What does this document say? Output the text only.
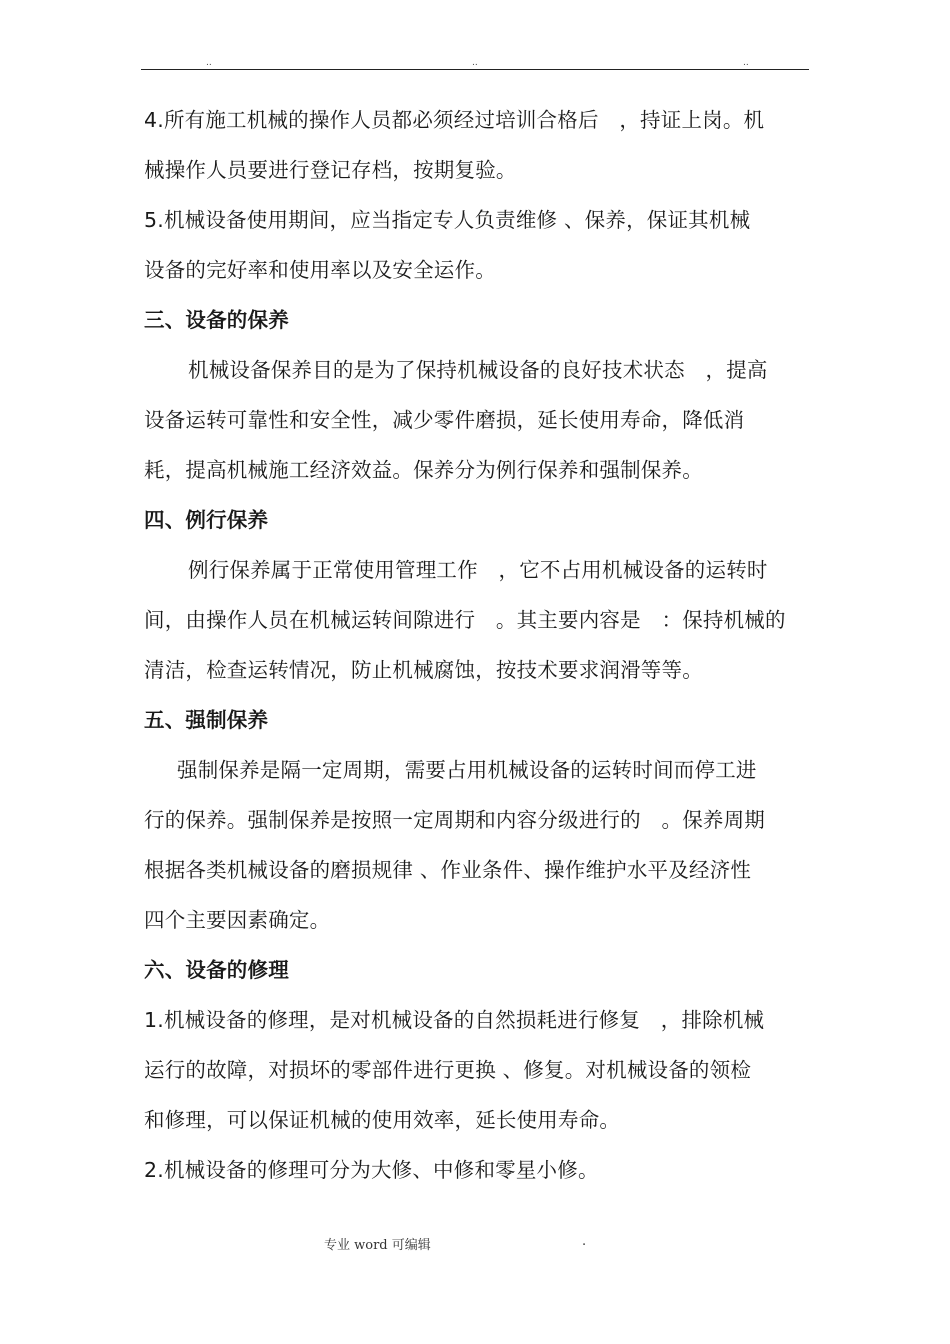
..	..	..
4.所有施工机械的操作人员都必须经过培训合格后　，持证上岗。机
械操作人员要进行登记存档，按期复验。
5.机械设备使用期间，应当指定专人负责维修 、保养，保证其机械
设备的完好率和使用率以及安全运作。
三、设备的保养
机械设备保养目的是为了保持机械设备的良好技术状态　，提高
设备运转可靠性和安全性，减少零件磨损，延长使用寿命，降低消
耗，提高机械施工经济效益。保养分为例行保养和强制保养。
四、例行保养
例行保养属于正常使用管理工作　，它不占用机械设备的运转时
间，由操作人员在机械运转间隙进行　。其主要内容是　：保持机械的
清洁，检查运转情况，防止机械腐蚀，按技术要求润滑等等。
五、强制保养
强制保养是隔一定周期，需要占用机械设备的运转时间而停工进
行的保养。强制保养是按照一定周期和内容分级进行的　。保养周期
根据各类机械设备的磨损规律 、作业条件、操作维护水平及经济性
四个主要因素确定。
六、设备的修理
1.机械设备的修理，是对机械设备的自然损耗进行修复　，排除机械
运行的故障，对损坏的零部件进行更换 、修复。对机械设备的领检
和修理，可以保证机械的使用效率，延长使用寿命。
2.机械设备的修理可分为大修、中修和零星小修。
专业 word 可编辑	.
